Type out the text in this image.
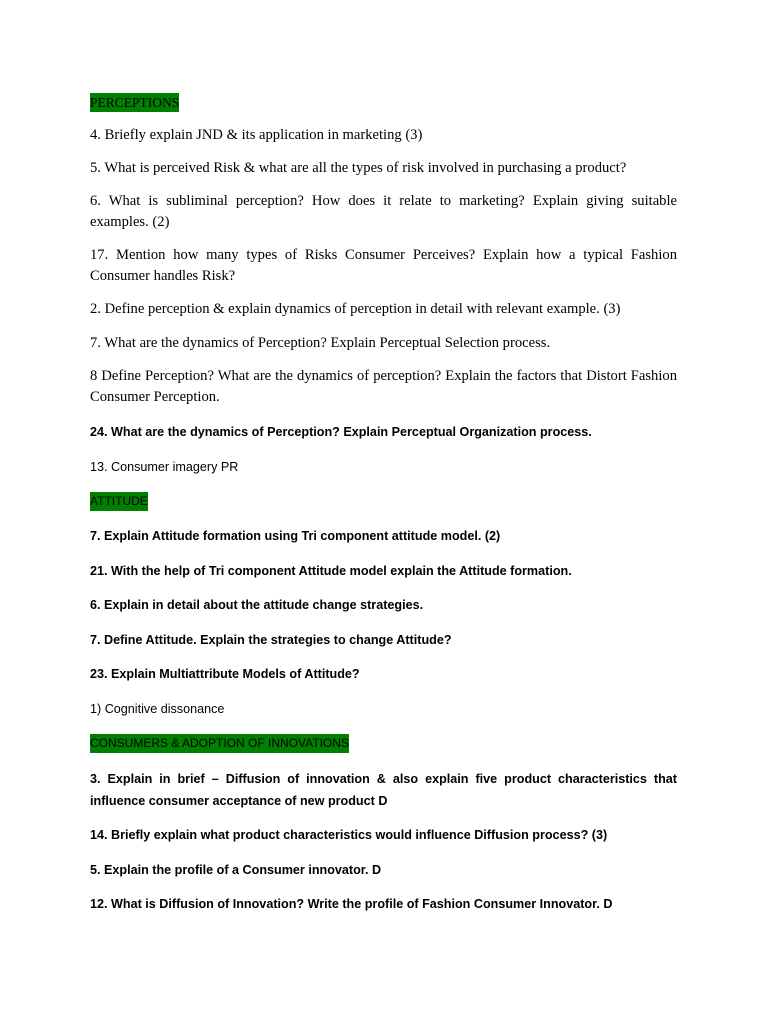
PERCEPTIONS

4. Briefly explain JND & its application in marketing (3)

5. What is perceived Risk & what are all the types of risk involved in purchasing a product?

6. What is subliminal perception? How does it relate to marketing? Explain giving suitable examples. (2)

17. Mention how many types of Risks Consumer Perceives? Explain how a typical Fashion Consumer handles Risk?

2. Define perception & explain dynamics of perception in detail with relevant example. (3)

7. What are the dynamics of Perception? Explain Perceptual Selection process.

8 Define Perception? What are the dynamics of perception? Explain the factors that Distort Fashion Consumer Perception.

24. What are the dynamics of Perception? Explain Perceptual Organization process.

13. Consumer imagery PR

ATTITUDE

7. Explain Attitude formation using Tri component attitude model. (2)

21. With the help of Tri component Attitude model explain the Attitude formation.

6. Explain in detail about the attitude change strategies.

7. Define Attitude. Explain the strategies to change Attitude?

23. Explain Multiattribute Models of Attitude?

1) Cognitive dissonance

CONSUMERS & ADOPTION OF INNOVATIONS

3. Explain in brief – Diffusion of innovation & also explain five product characteristics that influence consumer acceptance of new product D

14. Briefly explain what product characteristics would influence Diffusion process? (3)

5. Explain the profile of a Consumer innovator. D

12. What is Diffusion of Innovation? Write the profile of Fashion Consumer Innovator. D
